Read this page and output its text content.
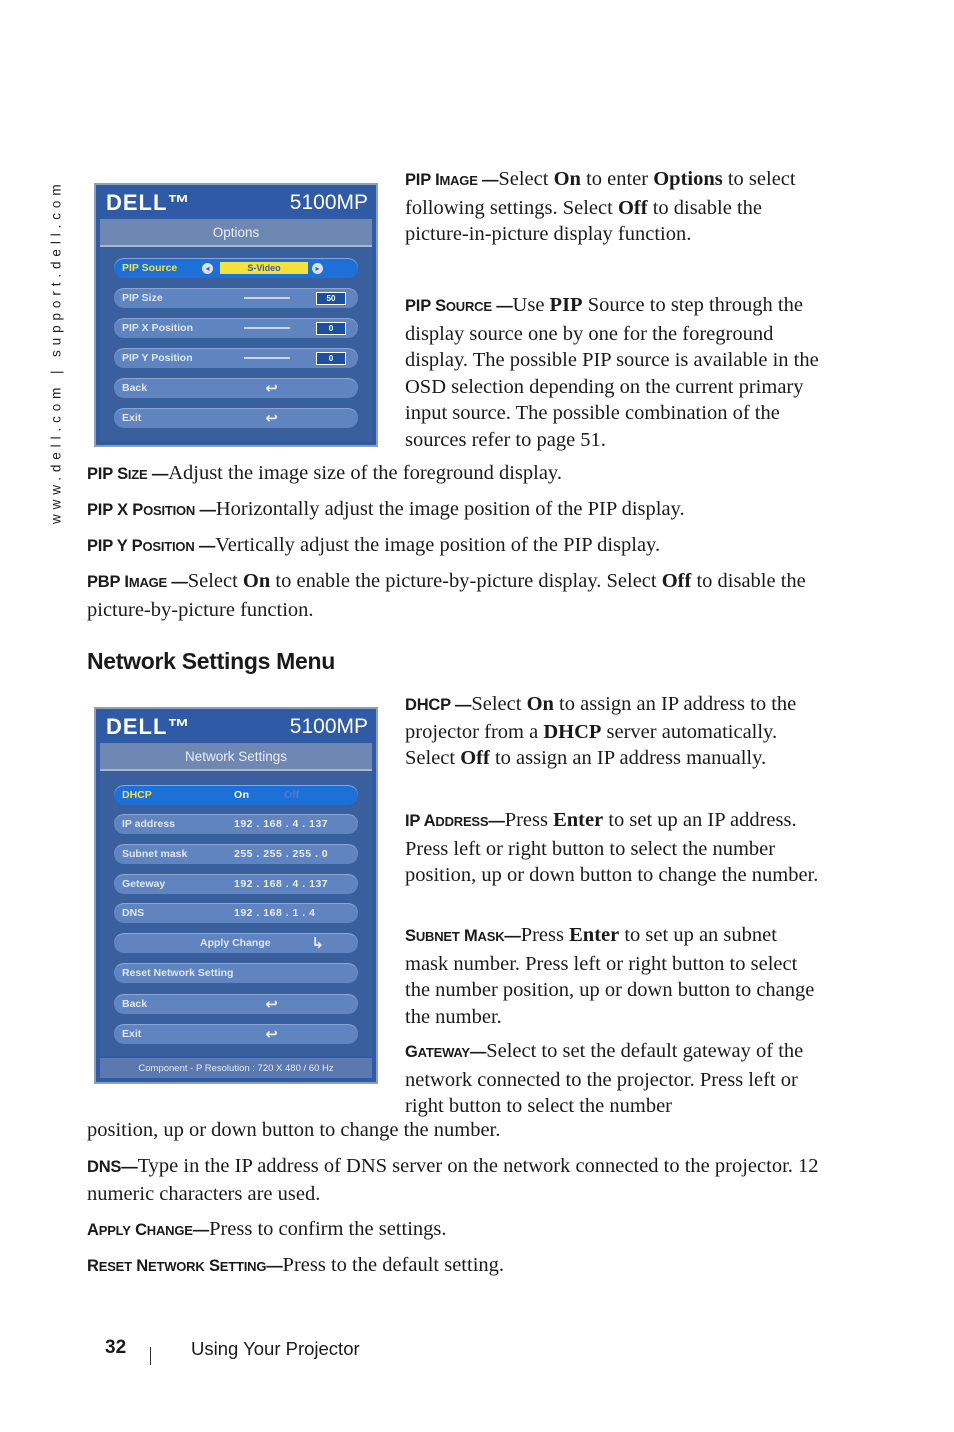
www.dell.com | support.dell.com	DELL™	5100MP
Options
PIP Source	◂	S-Video	▸
PIP Size	50
PIP X Position	0
PIP Y Position	0
Back	↩
Exit	↩

PIP IMAGE —Select On to enter Options to select following settings. Select Off to disable the picture-in-picture display function.

PIP SOURCE —Use PIP Source to step through the display source one by one for the foreground display. The possible PIP source is available in the OSD selection depending on the current primary input source. The possible combination of the sources refer to page 51.

PIP SIZE —Adjust the image size of the foreground display.

PIP X POSITION —Horizontally adjust the image position of the PIP display.

PIP Y POSITION —Vertically adjust the image position of the PIP display.

PBP IMAGE —Select On to enable the picture-by-picture display. Select Off to disable the picture-by-picture function.

Network Settings Menu
DELL™	5100MP
Network Settings
DHCP	On	Off
IP address	192 . 168 . 4 . 137
Subnet mask	255 . 255 . 255 . 0
Geteway	192 . 168 . 4 . 137
DNS	192 . 168 . 1 . 4
Apply Change	↳
Reset Network Setting
Back	↩
Exit	↩
Component - P Resolution : 720 X 480 / 60 Hz

DHCP —Select On to assign an IP address to the projector from a DHCP server automatically. Select Off to assign an IP address manually.

IP ADDRESS—Press Enter to set up an IP address. Press left or right button to select the number position, up or down button to change the number.

SUBNET MASK—Press Enter to set up an subnet mask number. Press left or right button to select the number position, up or down button to change the number.

GATEWAY—Select to set the default gateway of the network connected to the projector. Press left or right button to select the number

position, up or down button to change the number.

DNS—Type in the IP address of DNS server on the network connected to the projector. 12 numeric characters are used.

APPLY CHANGE—Press to confirm the settings.

RESET NETWORK SETTING—Press to the default setting.

32	Using Your Projector
